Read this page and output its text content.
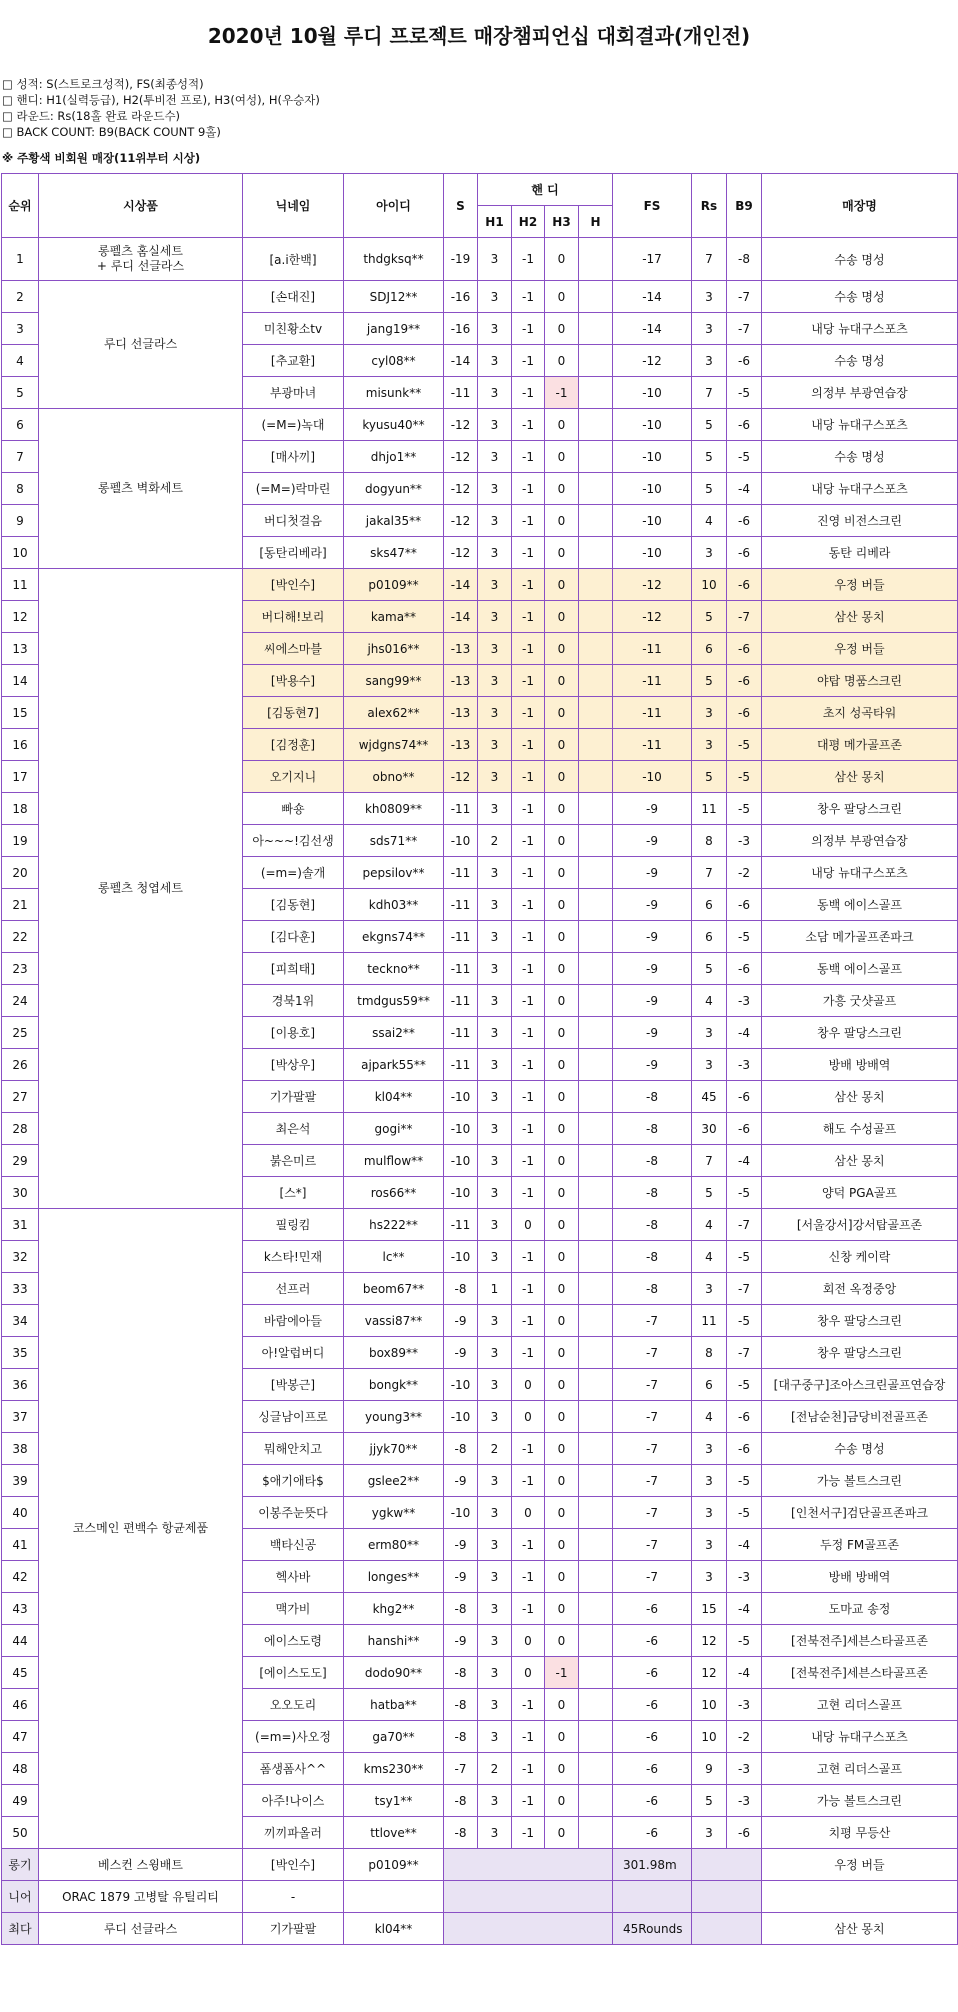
2020년 10월 루디 프로젝트 매장챔피언십 대회결과(개인전)
□ 성적: S(스트로크성적), FS(최종성적)
□ 핸디: H1(실력등급), H2(투비전 프로), H3(여성), H(우승자)
□ 라운드: Rs(18홀 완료 라운드수)
□ BACK COUNT: B9(BACK COUNT 9홀)
※ 주황색 비회원 매장(11위부터 시상)
순위	시상품	닉네임	아이디	S	핸 디				FS	Rs	B9	매장명
					H1	H2	H3	H				
1	롱펠츠 홈실세트
+ 루디 선글라스	[a.i한백]	thdgksq**	-19	3	-1	0		-17	7	-8	수송 명성
2	루디 선글라스	[손대진]	SDJ12**	-16	3	-1	0		-14	3	-7	수송 명성
3		미친황소tv	jang19**	-16	3	-1	0		-14	3	-7	내당 뉴대구스포츠
4		[추교환]	cyl08**	-14	3	-1	0		-12	3	-6	수송 명성
5		부광마녀	misunk**	-11	3	-1	-1		-10	7	-5	의정부 부광연습장
6	롱펠츠 벽화세트	(=M=)녹대	kyusu40**	-12	3	-1	0		-10	5	-6	내당 뉴대구스포츠
7		[매사끼]	dhjo1**	-12	3	-1	0		-10	5	-5	수송 명성
8		(=M=)락마린	dogyun**	-12	3	-1	0		-10	5	-4	내당 뉴대구스포츠
9		버디첫걸음	jakal35**	-12	3	-1	0		-10	4	-6	진영 비전스크린
10		[동탄리베라]	sks47**	-12	3	-1	0		-10	3	-6	동탄 리베라
11	롱펠츠 청엽세트	[박인수]	p0109**	-14	3	-1	0		-12	10	-6	우정 버들
12		버디해!보리	kama**	-14	3	-1	0		-12	5	-7	삼산 몽치
13		씨에스마블	jhs016**	-13	3	-1	0		-11	6	-6	우정 버들
14		[박용수]	sang99**	-13	3	-1	0		-11	5	-6	야탑 명품스크린
15		[김동현7]	alex62**	-13	3	-1	0		-11	3	-6	초지 성곡타워
16		[김정훈]	wjdgns74**	-13	3	-1	0		-11	3	-5	대평 메가골프존
17		오기지니	obno**	-12	3	-1	0		-10	5	-5	삼산 몽치
18		빠숑	kh0809**	-11	3	-1	0		-9	11	-5	창우 팔당스크린
19		아~~~!김선생	sds71**	-10	2	-1	0		-9	8	-3	의정부 부광연습장
20		(=m=)솔개	pepsilov**	-11	3	-1	0		-9	7	-2	내당 뉴대구스포츠
21		[김동현]	kdh03**	-11	3	-1	0		-9	6	-6	동백 에이스골프
22		[김다훈]	ekgns74**	-11	3	-1	0		-9	6	-5	소담 메가골프존파크
23		[피희태]	teckno**	-11	3	-1	0		-9	5	-6	동백 에이스골프
24		경북1위	tmdgus59**	-11	3	-1	0		-9	4	-3	가흥 굿샷골프
25		[이용호]	ssai2**	-11	3	-1	0		-9	3	-4	창우 팔당스크린
26		[박상우]	ajpark55**	-11	3	-1	0		-9	3	-3	방배 방배역
27		기가팔팔	kl04**	-10	3	-1	0		-8	45	-6	삼산 몽치
28		최은석	gogi**	-10	3	-1	0		-8	30	-6	해도 수성골프
29		붉은미르	mulflow**	-10	3	-1	0		-8	7	-4	삼산 몽치
30		[스*]	ros66**	-10	3	-1	0		-8	5	-5	양덕 PGA골프
31	코스메인 편백수 항균제품	필링킴	hs222**	-11	3	0	0		-8	4	-7	[서울강서]강서탑골프존
32		k스타!민재	lc**	-10	3	-1	0		-8	4	-5	신창 케이락
33		선프러	beom67**	-8	1	-1	0		-8	3	-7	회전 옥정중앙
34		바람에아들	vassi87**	-9	3	-1	0		-7	11	-5	창우 팔당스크린
35		아!알럽버디	box89**	-9	3	-1	0		-7	8	-7	창우 팔당스크린
36		[박봉근]	bongk**	-10	3	0	0		-7	6	-5	[대구중구]조아스크린골프연습장
37		싱글남이프로	young3**	-10	3	0	0		-7	4	-6	[전남순천]금당비전골프존
38		뭐해안치고	jjyk70**	-8	2	-1	0		-7	3	-6	수송 명성
39		$애기애타$	gslee2**	-9	3	-1	0		-7	3	-5	가능 볼트스크린
40		이봉주눈뜻다	ygkw**	-10	3	0	0		-7	3	-5	[인천서구]검단골프존파크
41		백타신공	erm80**	-9	3	-1	0		-7	3	-4	두정 FM골프존
42		헥사바	longes**	-9	3	-1	0		-7	3	-3	방배 방배역
43		맥가비	khg2**	-8	3	-1	0		-6	15	-4	도마교 송정
44		에이스도령	hanshi**	-9	3	0	0		-6	12	-5	[전북전주]세븐스타골프존
45		[에이스도도]	dodo90**	-8	3	0	-1		-6	12	-4	[전북전주]세븐스타골프존
46		오오도리	hatba**	-8	3	-1	0		-6	10	-3	고현 리더스골프
47		(=m=)사오정	ga70**	-8	3	-1	0		-6	10	-2	내당 뉴대구스포츠
48		폼생폼사^^	kms230**	-7	2	-1	0		-6	9	-3	고현 리더스골프
49		아주!나이스	tsy1**	-8	3	-1	0		-6	5	-3	가능 볼트스크린
50		끼끼파올러	ttlove**	-8	3	-1	0		-6	3	-6	치평 무등산
롱기	베스컨 스윙배트	[박인수]	p0109**						301.98m			우정 버들
니어	ORAC 1879 고병탈 유틸리티	-										
최다	루디 선글라스	기가팔팔	kl04**						45Rounds			삼산 몽치
